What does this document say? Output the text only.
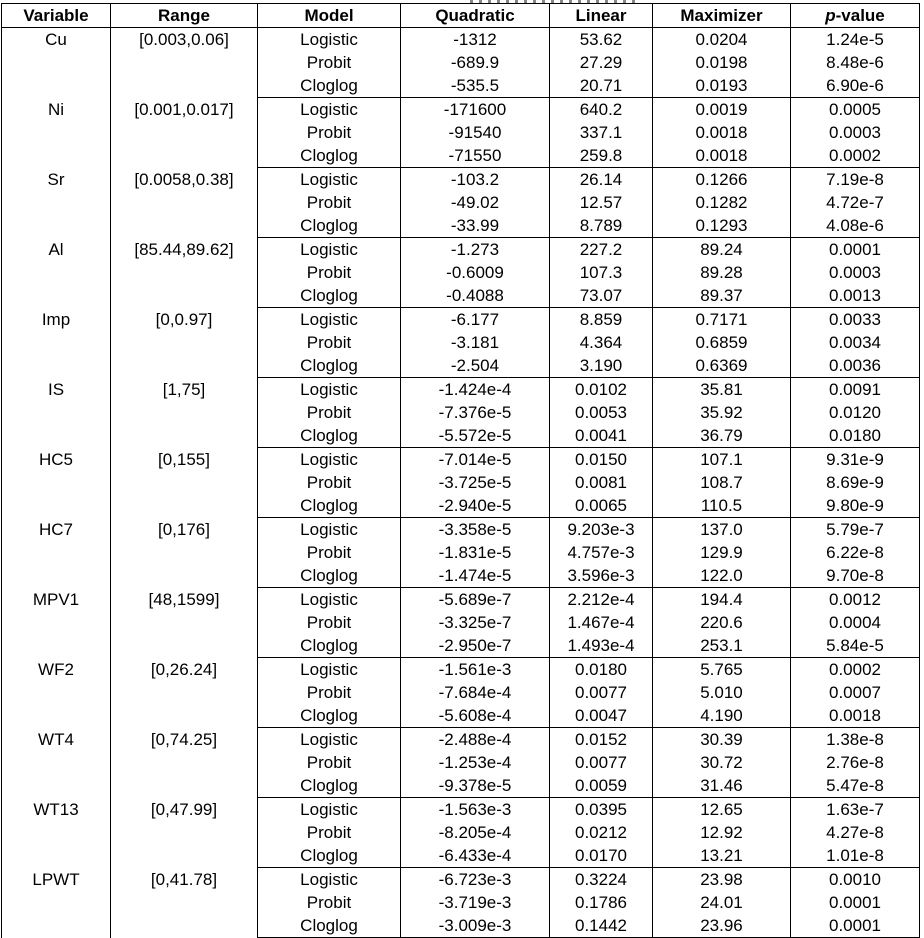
Variable	Range	Model	Quadratic	Linear	Maximizer	p-value
Cu	[0.003,0.06]	Logistic	-1312	53.62	0.0204	1.24e-5
		Probit	-689.9	27.29	0.0198	8.48e-6
		Cloglog	-535.5	20.71	0.0193	6.90e-6
Ni	[0.001,0.017]	Logistic	-171600	640.2	0.0019	0.0005
		Probit	-91540	337.1	0.0018	0.0003
		Cloglog	-71550	259.8	0.0018	0.0002
Sr	[0.0058,0.38]	Logistic	-103.2	26.14	0.1266	7.19e-8
		Probit	-49.02	12.57	0.1282	4.72e-7
		Cloglog	-33.99	8.789	0.1293	4.08e-6
Al	[85.44,89.62]	Logistic	-1.273	227.2	89.24	0.0001
		Probit	-0.6009	107.3	89.28	0.0003
		Cloglog	-0.4088	73.07	89.37	0.0013
Imp	[0,0.97]	Logistic	-6.177	8.859	0.7171	0.0033
		Probit	-3.181	4.364	0.6859	0.0034
		Cloglog	-2.504	3.190	0.6369	0.0036
IS	[1,75]	Logistic	-1.424e-4	0.0102	35.81	0.0091
		Probit	-7.376e-5	0.0053	35.92	0.0120
		Cloglog	-5.572e-5	0.0041	36.79	0.0180
HC5	[0,155]	Logistic	-7.014e-5	0.0150	107.1	9.31e-9
		Probit	-3.725e-5	0.0081	108.7	8.69e-9
		Cloglog	-2.940e-5	0.0065	110.5	9.80e-9
HC7	[0,176]	Logistic	-3.358e-5	9.203e-3	137.0	5.79e-7
		Probit	-1.831e-5	4.757e-3	129.9	6.22e-8
		Cloglog	-1.474e-5	3.596e-3	122.0	9.70e-8
MPV1	[48,1599]	Logistic	-5.689e-7	2.212e-4	194.4	0.0012
		Probit	-3.325e-7	1.467e-4	220.6	0.0004
		Cloglog	-2.950e-7	1.493e-4	253.1	5.84e-5
WF2	[0,26.24]	Logistic	-1.561e-3	0.0180	5.765	0.0002
		Probit	-7.684e-4	0.0077	5.010	0.0007
		Cloglog	-5.608e-4	0.0047	4.190	0.0018
WT4	[0,74.25]	Logistic	-2.488e-4	0.0152	30.39	1.38e-8
		Probit	-1.253e-4	0.0077	30.72	2.76e-8
		Cloglog	-9.378e-5	0.0059	31.46	5.47e-8
WT13	[0,47.99]	Logistic	-1.563e-3	0.0395	12.65	1.63e-7
		Probit	-8.205e-4	0.0212	12.92	4.27e-8
		Cloglog	-6.433e-4	0.0170	13.21	1.01e-8
LPWT	[0,41.78]	Logistic	-6.723e-3	0.3224	23.98	0.0010
		Probit	-3.719e-3	0.1786	24.01	0.0001
		Cloglog	-3.009e-3	0.1442	23.96	0.0001
